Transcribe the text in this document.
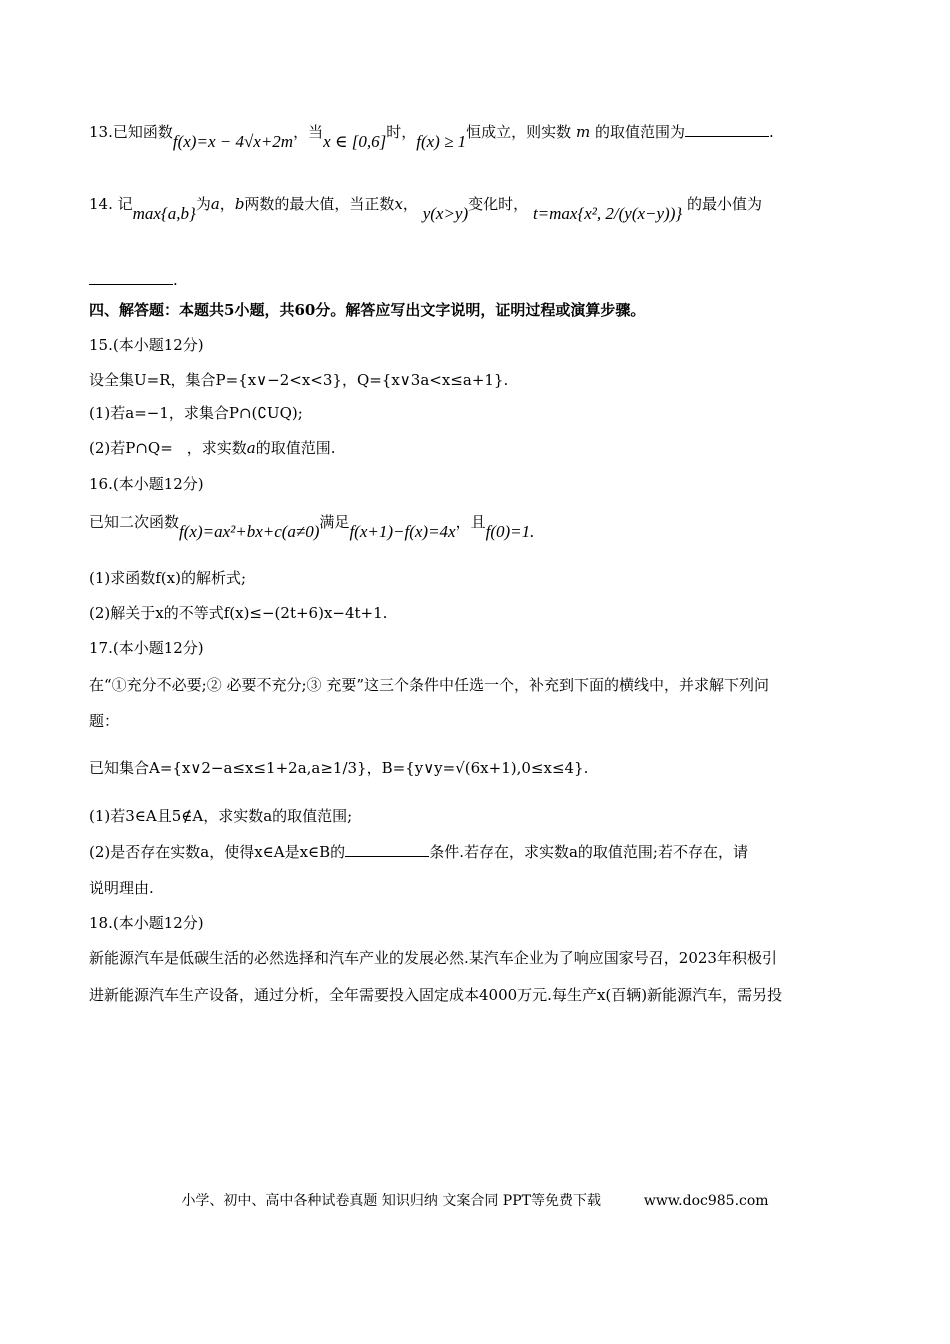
13.已知函数f(x)=x − 4√x+2m，当x ∈ [0,6]时，f(x) ≥ 1恒成立，则实数 m 的取值范围为	.
14. 记max{a,b}为a，b两数的最大值，当正数x， y(x>y)变化时， t=max{x², 2/(y(x−y))} 的最小值为
.
四、解答题：本题共5小题，共60分。解答应写出文字说明，证明过程或演算步骤。
15.(本小题12分)
设全集U=R，集合P={x∨−2<x<3}，Q={x∨3a<x≤a+1}.
(1)若a=−1，求集合P∩(∁UQ);
(2)若P∩Q= ，求实数a的取值范围.
16.(本小题12分)
已知二次函数f(x)=ax²+bx+c(a≠0)满足f(x+1)−f(x)=4x，且f(0)=1.
(1)求函数f(x)的解析式;
(2)解关于x的不等式f(x)≤−(2t+6)x−4t+1.
17.(本小题12分)
在“①充分不必要;② 必要不充分;③ 充要”这三个条件中任选一个，补充到下面的横线中，并求解下列问
题：
已知集合A={x∨2−a≤x≤1+2a,a≥1/3}，B={y∨y=√(6x+1),0≤x≤4}.
(1)若3∈A且5∉A，求实数a的取值范围;
(2)是否存在实数a，使得x∈A是x∈B的	条件.若存在，求实数a的取值范围;若不存在，请
说明理由.
18.(本小题12分)
新能源汽车是低碳生活的必然选择和汽车产业的发展必然.某汽车企业为了响应国家号召，2023年积极引
进新能源汽车生产设备，通过分析，全年需要投入固定成本4000万元.每生产x(百辆)新能源汽车，需另投
小学、初中、高中各种试卷真题 知识归纳 文案合同 PPT等免费下载	www.doc985.com
